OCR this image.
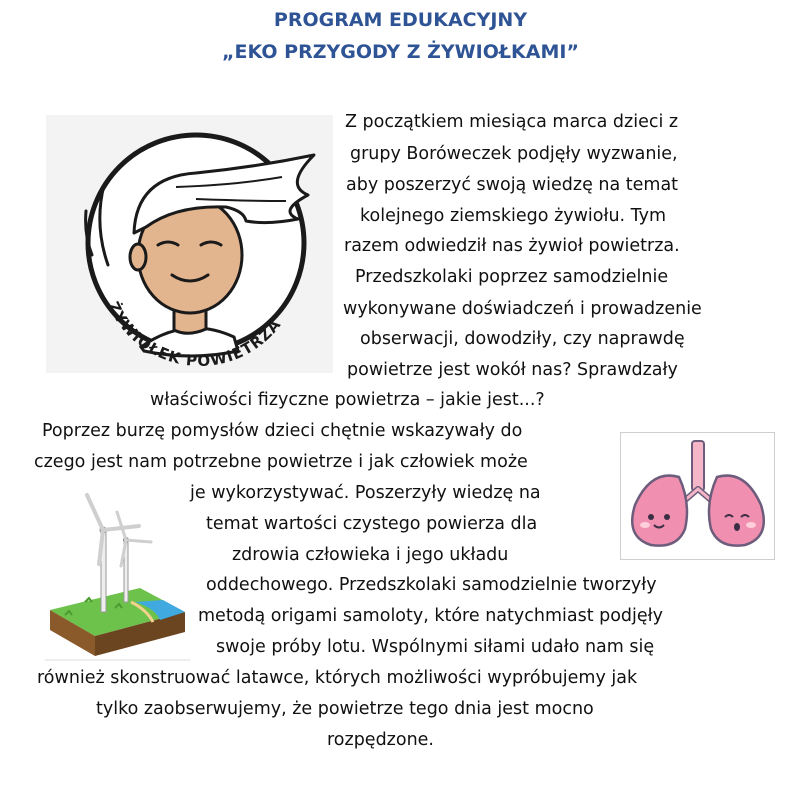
PROGRAM EDUKACYJNY
„EKO PRZYGODY Z ŻYWIOŁKAMI”
ŻYWIOŁEK POWIETRZA

Z początkiem miesiąca marca dzieci z

grupy Boróweczek podjęły wyzwanie,

aby poszerzyć swoją wiedzę na temat

kolejnego ziemskiego żywiołu. Tym

razem odwiedził nas żywioł powietrza.

Przedszkolaki poprzez samodzielnie

wykonywane doświadczeń i prowadzenie

obserwacji, dowodziły, czy naprawdę

powietrze jest wokół nas? Sprawdzały

właściwości fizyczne powietrza – jakie jest...?

Poprzez burzę pomysłów dzieci chętnie wskazywały do

czego jest nam potrzebne powietrze i jak człowiek może

je wykorzystywać. Poszerzyły wiedzę na

temat wartości czystego powierza dla

zdrowia człowieka i jego układu

oddechowego. Przedszkolaki samodzielnie tworzyły

metodą origami samoloty, które natychmiast podjęły

swoje próby lotu. Wspólnymi siłami udało nam się

również skonstruować latawce, których możliwości wypróbujemy jak

tylko zaobserwujemy, że powietrze tego dnia jest mocno

rozpędzone.
